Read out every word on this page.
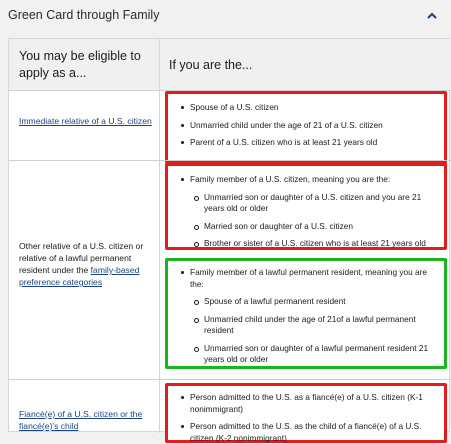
Green Card through Family
You may be eligible to apply as a...
If you are the...
Immediate relative of a U.S. citizen
Spouse of a U.S. citizen
Unmarried child under the age of 21 of a U.S. citizen
Parent of a U.S. citizen who is at least 21 years old
Other relative of a U.S. citizen or relative of a lawful permanent resident under the family-based preference categories
Family member of a U.S. citizen, meaning you are the:
Unmarried son or daughter of a U.S. citizen and you are 21 years old or older
Married son or daughter of a U.S. citizen
Brother or sister of a U.S. citizen who is at least 21 years old
Family member of a lawful permanent resident, meaning you are the:
Spouse of a lawful permanent resident
Unmarried child under the age of 21of a lawful permanent resident
Unmarried son or daughter of a lawful permanent resident 21 years old or older
Fiancé(e) of a U.S. citizen or the fiancé(e)'s child
Person admitted to the U.S. as a fiancé(e) of a U.S. citizen (K-1 nonimmigrant)
Person admitted to the U.S. as the child of a fiancé(e) of a U.S. citizen (K-2 nonimmigrant)
